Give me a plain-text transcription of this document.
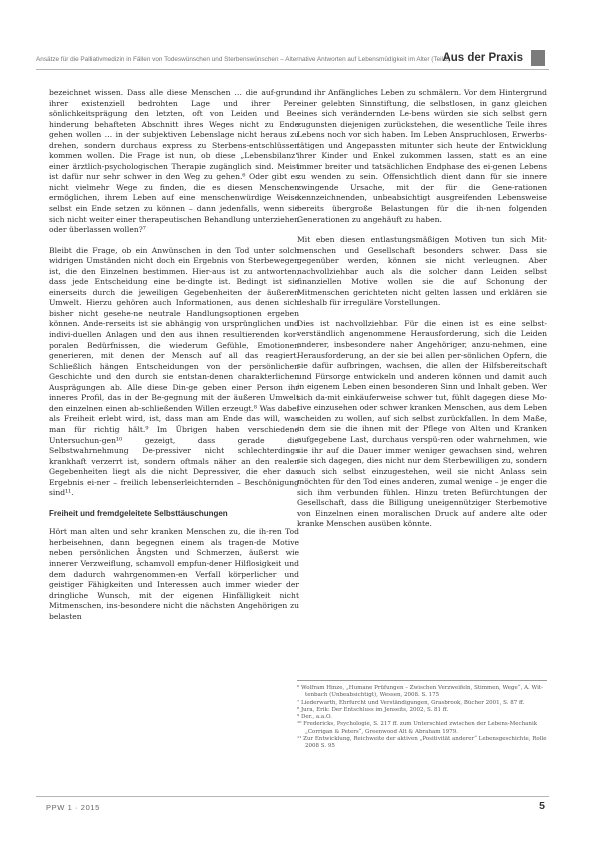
Ansätze für die Palliativmedizin in Fällen von Todeswünschen und Sterbenswünschen – Alternative Antworten auf Lebensmüdigkeit im Alter (Teil 2)
Aus der Praxis
bezeichnet wissen. Dass alle diese Menschen … die auf-grund ihrer existenziell bedrohten Lage und ihrer Per-sönlichkeitsprägung den letzten, oft von Leiden und Be-hinderung behafteten Abschnitt ihres Weges nicht zu Ende gehen wollen … in der subjektiven Lebenslage nicht heraus zu drehen, sondern durchaus express zu Sterbens-entschlüssen kommen wollen. Die Frage ist nun, ob diese „Lebensbilanz“ einer ärztlich-psychologischen Therapie zugänglich sind. Meist ist dafür nur sehr schwer in den Weg zu gehen.⁶ Oder gibt es nicht vielmehr Wege zu finden, die es diesen Menschen ermöglichen, ihrem Leben auf eine menschenwürdige Weise selbst ein Ende setzen zu können – dann jedenfalls, wenn sie sich nicht weiter einer therapeutischen Behandlung unterziehen oder überlassen wollen?⁷
Bleibt die Frage, ob ein Anwünschen in den Tod unter solch widrigen Umständen nicht doch ein Ergebnis von Sterbewegen ist, die den Einzelnen bestimmen. Hier-aus ist zu antworten, dass jede Entscheidung eine be-dingte ist. Bedingt ist sie einerseits durch die jeweiligen Gegebenheiten der äußeren Umwelt. Hierzu gehören auch Informationen, aus denen sich bisher nicht gesehe-ne neutrale Handlungsoptionen ergeben können. Ande-rerseits ist sie abhängig von ursprünglichen und indivi-duellen Anlagen und den aus ihnen resultierenden kor-poralen Bedürfnissen, die wiederum Gefühle, Emotionen generieren, mit denen der Mensch auf all das reagiert. Schließlich hängen Entscheidungen von der persönlichen Geschichte und den durch sie entstan-denen charakterlichen Ausprägungen ab. Alle diese Din-ge geben einer Person ihr inneres Profil, das in der Be-gegnung mit der äußeren Umwelt den einzelnen einen ab-schließenden Willen erzeugt.⁸ Was dabei als Freiheit erlebt wird, ist, dass man am Ende das will, was man für richtig hält.⁹ Im Übrigen haben verschiedene Untersuchun-gen¹⁰ gezeigt, dass gerade die Selbstwahrnehmung De-pressiver nicht schlechterdings krankhaft verzerrt ist, sondern oftmals näher an den realen Gegebenheiten liegt als die nicht Depressiver, die eher das Ergebnis ei-ner – freilich lebenserleichternden – Beschönigung sind¹¹.
Freiheit und fremdgeleitete Selbsttäuschungen
Hört man alten und sehr kranken Menschen zu, die ih-ren Tod herbeisehnen, dann begegnen einem als tragen-de Motive neben persönlichen Ängsten und Schmerzen, äußerst wie innerer Verzweiflung, schamvoll empfun-dener Hilflosigkeit und dem dadurch wahrgenommen-en Verfall körperlicher und geistiger Fähigkeiten und Interessen auch immer wieder der dringliche Wunsch, mit der eigenen Hinfälligkeit nicht Mitmenschen, ins-besondere nicht die nächsten Angehörigen zu belasten
und ihr Anfängliches Leben zu schmälern. Vor dem Hintergrund einer gelebten Sinnstiftung, die selbstlosen, in ganz gleichen eines sich verändernden Le-bens würden sie sich selbst gern zugunsten diejenigen zurückstehen, die wesentliche Teile ihres Lebens noch vor sich haben. Im Leben Anspruchlosen, Erwerbs-tätigen und Angepassten mitunter sich heute der Entwicklung ihrer Kinder und Enkel zukommen lassen, statt es an eine immer breiter und tatsächlichen Endphase des ei-genen Lebens zu wenden zu sein. Offensichtlich dient dann für sie innere zwingende Ursache, mit der für die Gene-rationen kennzeichnenden, unbeabsichtigt ausgreifenden Lebensweise bereits übergroße Belastungen für die ih-nen folgenden Generationen zu angehäuft zu haben.
Mit eben diesen entlastungsmäßigen Motiven tun sich Mit-menschen und Gesellschaft besonders schwer. Dass sie gegenüber werden, können sie nicht verleugnen. Aber nachvollziehbar auch als die solcher dann Leiden selbst finanziellen Motive wollen sie die auf Schonung der Mitmenschen gerichteten nicht gelten lassen und erklären sie deshalb für irreguläre Vorstellungen.
Dies ist nachvollziehbar. Für die einen ist es eine selbst-verständlich angenommene Herausforderung, sich die Leiden anderer, insbesondere naher Angehöriger, anzu-nehmen, eine Herausforderung, an der sie bei allen per-sönlichen Opfern, die sie dafür aufbringen, wachsen, die allen der Hilfsbereitschaft und Fürsorge entwickeln und anderen können und damit auch in eigenem Leben einen besonderen Sinn und Inhalt geben. Wer sich da-mit einkäuferweise schwer tut, fühlt dagegen diese Mo-tive einzusehen oder schwer kranken Menschen, aus dem Leben scheiden zu wollen, auf sich selbst zurückfallen. In dem Maße, in dem sie die ihnen mit der Pflege von Alten und Kranken aufgegebene Last, durchaus verspü-ren oder wahrnehmen, wie sie ihr auf die Dauer immer weniger gewachsen sind, wehren sie sich dagegen, dies nicht nur dem Sterbewilligen zu, sondern auch sich selbst einzugestehen, weil sie nicht Anlass sein möchten für den Tod eines anderen, zumal wenige – je enger die sich ihm verbunden fühlen. Hinzu treten Befürchtungen der Gesellschaft, dass die Billigung uneigennütziger Sterbemotive von Einzelnen einen moralischen Druck auf andere alte oder kranke Menschen ausüben könnte.
⁶ Wolfram Hinze, „Humane Prüfungen – Zwischen Verzweifeln, Stimmen, Wege“, A. Wit-tenbach (Unbeabsichtigt), Wessen, 2008. S. 175
⁷ Liederwarth, Ehrfurcht und Verständigungen, Grasbrook, Bücher 2001, S. 87 ff.
⁸ Jura, Erik: Der Entschluss im Jenseits, 2002, S. 81 ff.
⁹ Der., a.a.O.
¹⁰ Fredericks, Psychologie, S. 217 ff. zum Unterschied zwischen der Lebens-Mechanik „Corrigan & Peters“, Greenwood Alt & Abraham 1979.
¹¹ Zur Entwicklung, Reichweite der aktiven „Positivität anderer“ Lebensgeschichte, Rolle 2008 S. 95
PPW 1 · 2015	5
